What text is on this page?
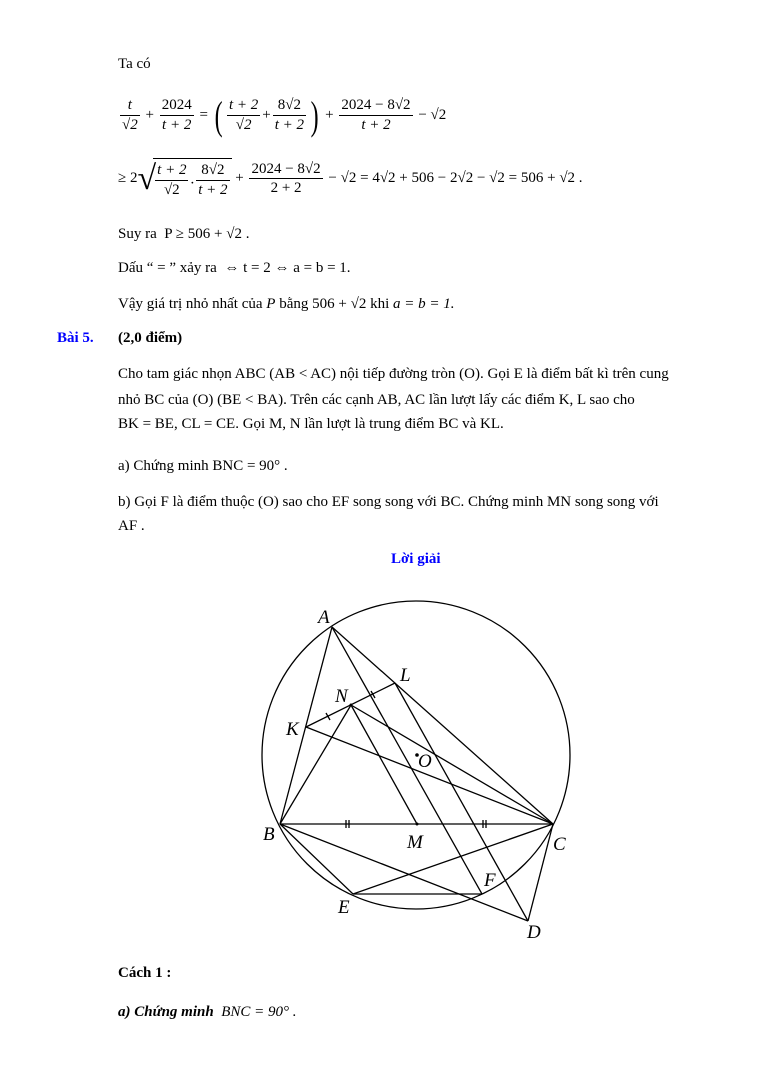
Ta có
$\frac{t}{√2} + \frac{2024}{t + 2}$ = ( $\frac{t + 2}{√2} + \frac{8√2}{t + 2}$ ) + $\frac{2024 - 8√2}{t + 2} - √2$
≥ $2√ \frac{t + 2}{√2}$ . $\frac{8√2}{t + 2} + \frac{2024 - 8√2}{2 + 2} - √2 = 4√2 + 506 - 2√2 - √2 = 506 + √2$ .
Suy ra P ≥ 506 + √2 .
Dấu “ = ” xảy ra ⇔ t = 2 ⇔ a = b = 1.
Vậy giá trị nhỏ nhất của P bằng 506 + √2 khi a = b = 1.
Bài 5. (2,0 điểm)
Cho tam giác nhọn ABC (AB < AC) nội tiếp đường tròn (O). Gọi E là điểm bất kì trên cung
nhỏ BC của (O) (BE < BA). Trên các cạnh AB, AC lần lượt lấy các điểm K, L sao cho
BK = BE, CL = CE. Gọi M, N lần lượt là trung điểm BC và KL.
a) Chứng minh BNC = 90° .
b) Gọi F là điểm thuộc (O) sao cho EF song song với BC. Chứng minh MN song song với
AF .
Lời giải
A
B	C
D
E
F
K
L
M
N
O
Cách 1 :
a) Chứng minh BNC = 90° .
